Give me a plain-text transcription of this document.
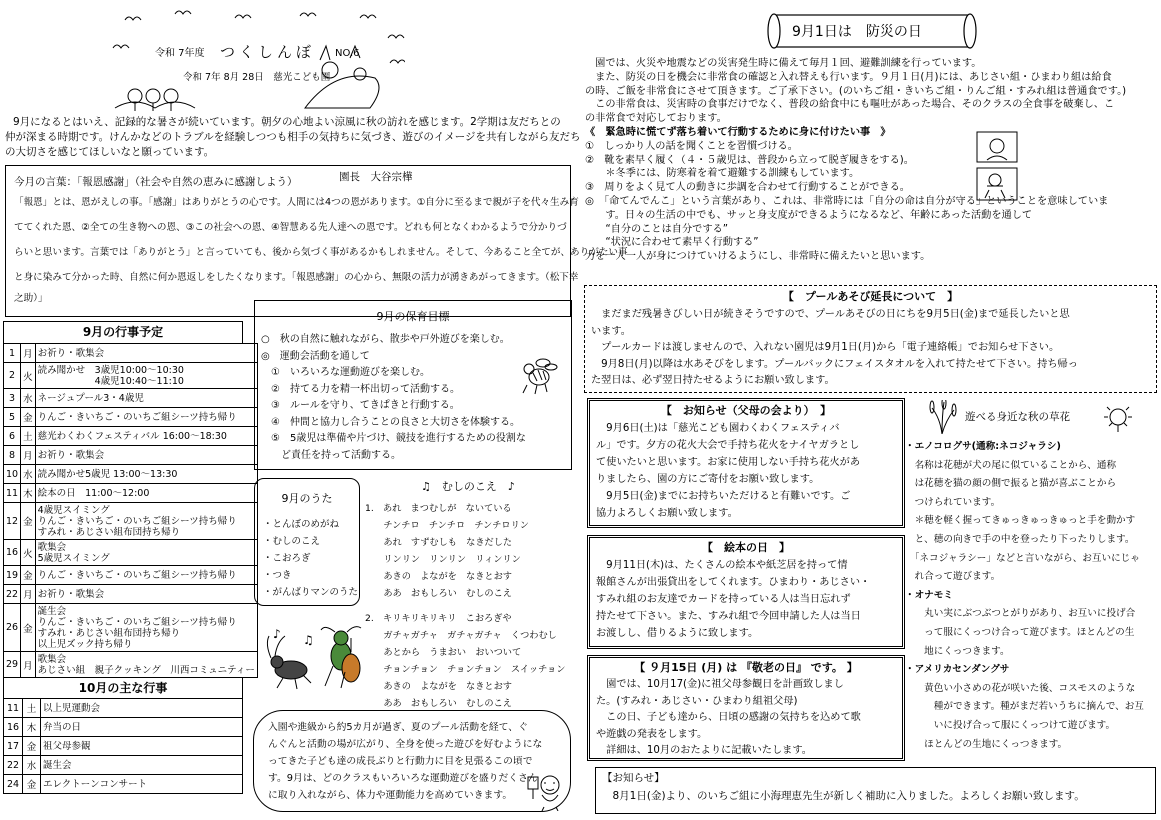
令和 7年度 つくしんぼ NO.6
令和 7年 8月 28日　慈光こども園
9月になるとはいえ、記録的な暑さが続いています。朝夕の心地よい涼風に秋の訪れを感じます。2学期は友だちとの
仲が深まる時期です。けんかなどのトラブルを経験しつつも相手の気持ちに気づき、遊びのイメージを共有しながら友だち
の大切さを感じてほしいなと願っています。
今月の言葉：「報恩感謝」（社会や自然の恵みに感謝しよう）	園長　大谷宗樺
「報恩」とは、恩がえしの事。「感謝」はありがとうの心です。人間には4つの恩があります。①自分に至るまで親が子を代々生み育
ててくれた恩、②全ての生き物への恩、③この社会への恩、④智慧ある先人達への恩です。どれも何となくわかるようで分かりづ
らいと思います。言葉では「ありがとう」と言っていても、後から気づく事があるかもしれません。そして、今あること全てが、ありがたい事
と身に染みて分かった時、自然に何か恩返しをしたくなります。「報恩感謝」の心から、無限の活力が湧きあがってきます。（松下幸
之助）」
9月の行事予定
1	月	お祈り・歌集会

2	火	読み聞かせ　3歳児10:00～10:30
　　　　　　4歳児10:40～11:10

3	水	ネージュプール3・4歳児

5	金	りんご・きいちご・のいちご組シーツ持ち帰り

6	土	慈光わくわくフェスティバル 16:00～18:30

8	月	お祈り・歌集会

10	水	読み聞かせ5歳児 13:00～13:30

11	木	絵本の日　11:00～12:00

12	金	4歳児スイミング
りんご・きいちご・のいちご組シーツ持ち帰り
すみれ・あじさい組布団持ち帰り

16	火	歌集会
5歳児スイミング

19	金	りんご・きいちご・のいちご組シーツ持ち帰り

22	月	お祈り・歌集会

26	金	誕生会
りんご・きいちご・のいちご組シーツ持ち帰り
すみれ・あじさい組布団持ち帰り
以上児ズック持ち帰り

29	月	歌集会
あじさい組　親子クッキング　川西コミュニティー
10月の主な行事
11	土	以上児運動会

16	木	弁当の日

17	金	祖父母参観

22	水	誕生会

24	金	エレクトーンコンサート
9月の保育目標
○　秋の自然に触れながら、散歩や戸外遊びを楽しむ。
◎　運動会活動を通して
　①　いろいろな運動遊びを楽しむ。
　②　持てる力を精一杯出切って活動する。
　③　ルールを守り、てきぱきと行動する。
　④　仲間と協力し合うことの良さと大切さを体験する。
　⑤　5歳児は準備や片づけ、競技を進行するための役割な
　　ど責任を持って活動する。
9月のうた
・とんぼのめがね
・むしのこえ
・こおろぎ
・つき
・がんばりマンのうた
♪ ♫
♫　むしのこえ　♪
1.　あれ　まつむしが　ないている
　　チンチロ　チンチロ　チンチロリン
　　あれ　すずむしも　なきだした
　　リンリン　リンリン　リィンリン
　　あきの　よながを　なきとおす
　　ああ　おもしろい　むしのこえ
2.　キリキリキリキリ　こおろぎや
　　ガチャガチャ　ガチャガチャ　くつわむし
　　あとから　うまおい　おいついて
　　チョンチョン　チョンチョン　スイッチョン
　　あきの　よながを　なきとおす
　　ああ　おもしろい　むしのこえ
入園や進級から約5カ月が過ぎ、夏のプール活動を経て、ぐ
んぐんと活動の場が広がり、全身を使った遊びを好むようにな
ってきた子ども達の成長ぶりと行動力に目を見張るこの頃で
す。9月は、どのクラスもいろいろな運動遊びを盛りだくさん
に取り入れながら、体力や運動能力を高めていきます。
9月1日は　防災の日
　園では、火災や地震などの災害発生時に備えて毎月１回、避難訓練を行っています。
　また、防災の日を機会に非常食の確認と入れ替えも行います。９月１日(月)には、あじさい組・ひまわり組は給食
の時、ご飯を非常食にさせて頂きます。ご了承下さい。(のいちご組・きいちご組・りんご組・すみれ組は普通食です。)
　この非常食は、災害時の食事だけでなく、普段の給食中にも嘔吐があった場合、そのクラスの全食事を破棄し、こ
の非常食で対応しております。
《　緊急時に慌てず落ち着いて行動するために身に付けたい事　》
①　しっかり人の話を聞くことを習慣づける。
②　靴を素早く履く（４・５歳児は、普段から立って脱ぎ履きをする)。
　　＊冬季には、防寒着を着て避難する訓練もしています。
③　周りをよく見て人の動きに歩調を合わせて行動することができる。
◎　「命てんでんこ」という言葉があり、これは、非常時には「自分の命は自分が守る」ということを意味していま
　　す。日々の生活の中でも、サッと身支度ができるようになるなど、年齢にあった活動を通して
　　“自分のことは自分でする”
　　“状況に合わせて素早く行動する”
力を一人一人が身につけていけるようにし、非常時に備えたいと思います。
【　プールあそび延長について　】
　まだまだ残暑きびしい日が続きそうですので、プールあそびの日にちを9月5日(金)まで延長したいと思
います。
　プールカードは渡しませんので、入れない園児は9月1日(月)から「電子連絡帳」でお知らせ下さい。
　9月8日(月)以降は水あそびをします。プールバックにフェイスタオルを入れて持たせて下さい。持ち帰っ
た翌日は、必ず翌日持たせるようにお願い致します。
【　お知らせ（父母の会より）　】
　9月6日(土)は「慈光こども園わくわくフェスティバ
ル」です。夕方の花火大会で手持ち花火をナイヤガラとし
て使いたいと思います。お家に使用しない手持ち花火があ
りましたら、園の方にご寄付をお願い致します。
　9月5日(金)までにお持ちいただけると有難いです。ご
協力よろしくお願い致します。
【　絵本の日　】
　9月11日(木)は、たくさんの絵本や紙芝居を持って情
報館さんが出張貸出をしてくれます。ひまわり・あじさい・
すみれ組のお友達でカードを持っている人は当日忘れず
持たせて下さい。また、すみれ組で今回申請した人は当日
お渡しし、借りるように致します。
【 ９月15日 (月) は 『敬老の日』 です。 】
　園では、10月17(金)に祖父母参観日を計画致しまし
た。(すみれ・あじさい・ひまわり組祖父母)
　この日、子ども達から、日頃の感謝の気持ちを込めて歌
や遊戯の発表をします。
　詳細は、10月のおたよりに記載いたします。
遊べる身近な秋の草花
・エノコログサ(通称:ネコジャラシ)
　名称は花穂が犬の尾に似ていることから、通称
　は花穂を猫の顔の側で振ると猫が喜ぶことから
　つけられています。
　＊穂を軽く握ってきゅっきゅっきゅっと手を動かす
　と、穂の向きで手の中を登ったり下ったりします。
　「ネコジャラシー」などと言いながら、お互いにじゃ
　れ合って遊びます。
・オナモミ
　　丸い実にぶつぶつとがりがあり、お互いに投げ合
　　って服にくっつけ合って遊びます。ほとんどの生
　　地にくっつきます。
・アメリカセンダングサ
　　黄色い小さめの花が咲いた後、コスモスのような
　　　種ができます。種がまだ若いうちに摘んで、お互
　　　いに投げ合って服にくっつけて遊びます。
　　ほとんどの生地にくっつきます。
【お知らせ】
　8月1日(金)より、のいちご組に小海理恵先生が新しく補助に入りました。よろしくお願い致します。
